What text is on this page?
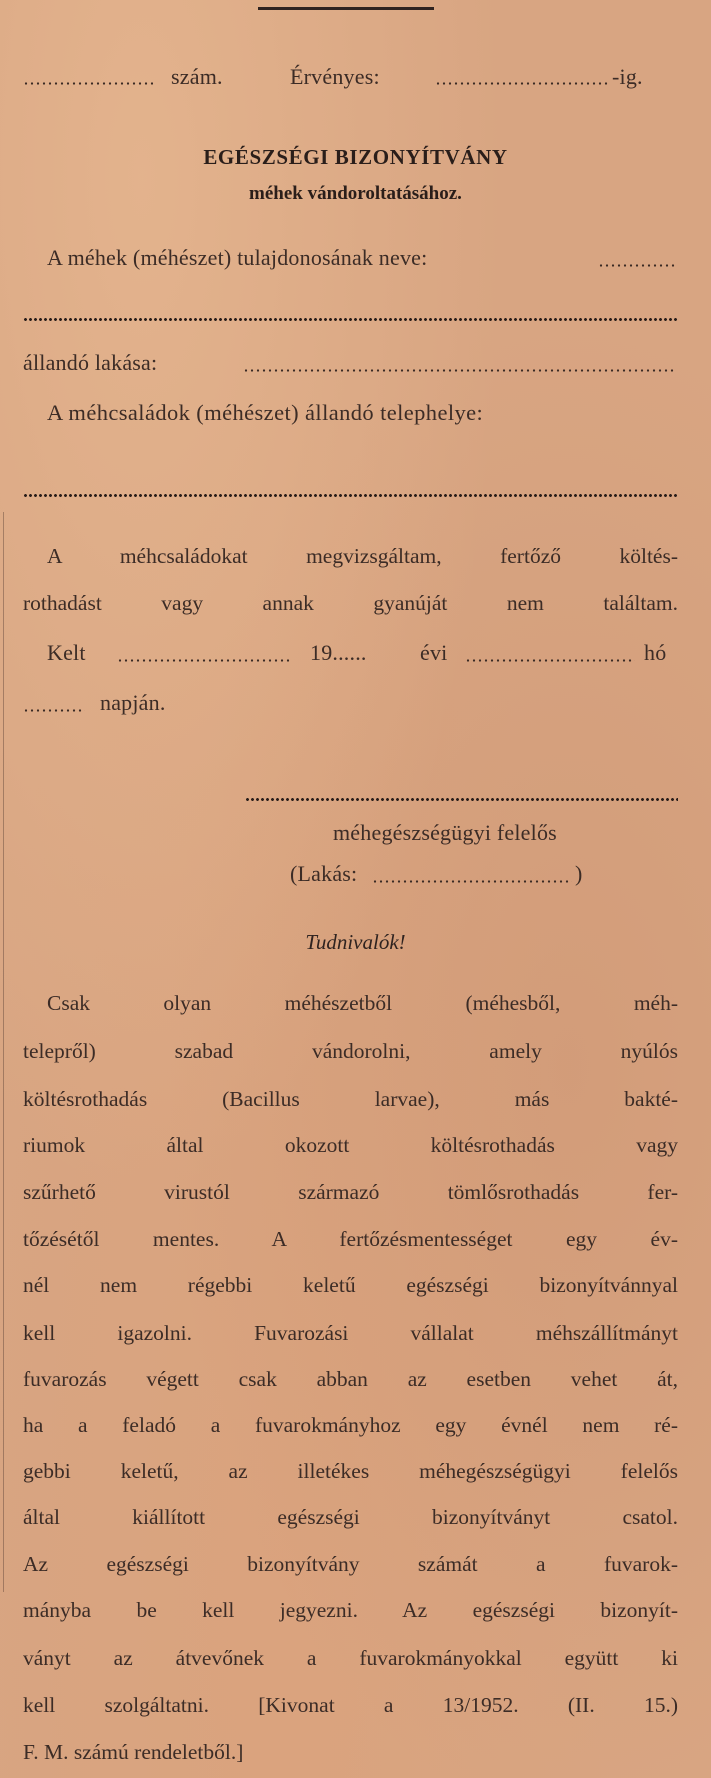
szám.	Érvényes:	-ig.
EGÉSZSÉGI BIZONYÍTVÁNY
méhek vándoroltatásához.
A méhek (méhészet) tulajdonosának neve:
állandó lakása:
A méhcsaládok (méhészet) állandó telephelye:
A méhcsaládokat megvizsgáltam, fertőző költés-
rothadást vagy annak gyanúját nem találtam.
Kelt	19...... évi	hó
napján.
méhegészségügyi felelős
(Lakás:	)
Tudnivalók!
Csak olyan méhészetből (méhesből, méh-
telepről) szabad vándorolni, amely nyúlós
költésrothadás (Bacillus larvae), más bakté-
riumok által okozott költésrothadás vagy
szűrhető virustól származó tömlősrothadás fer-
tőzésétől mentes. A fertőzésmentességet egy év-
nél nem régebbi keletű egészségi bizonyítvánnyal
kell igazolni. Fuvarozási vállalat méhszállítmányt
fuvarozás végett csak abban az esetben vehet át,
ha a feladó a fuvarokmányhoz egy évnél nem ré-
gebbi keletű, az illetékes méhegészségügyi felelős
által kiállított egészségi bizonyítványt csatol.
Az egészségi bizonyítvány számát a fuvarok-
mányba be kell jegyezni. Az egészségi bizonyít-
ványt az átvevőnek a fuvarokmányokkal együtt ki
kell szolgáltatni. [Kivonat a 13/1952. (II. 15.)
F. M. számú rendeletből.]
